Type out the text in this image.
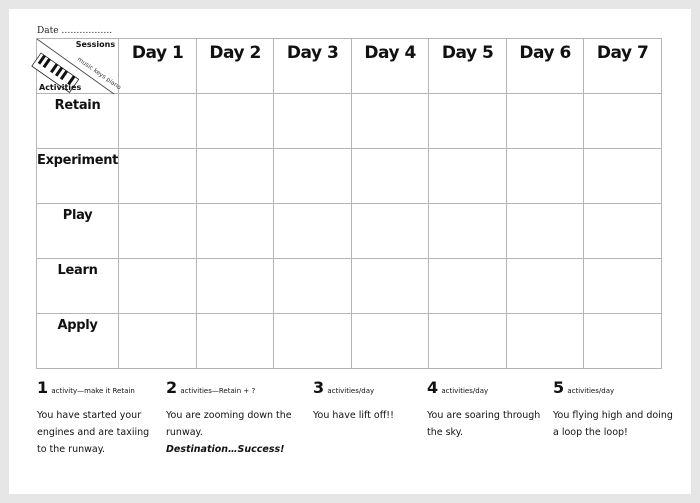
Date ……………..
music keys piano
Sessions
Activities	Day 1	Day 2	Day 3	Day 4	Day 5	Day 6	Day 7
Retain							
Experiment							
Play							
Learn							
Apply							
1 activity—make it Retain
You have started your
engines and are taxiing
to the runway.
2 activities—Retain + ?
You are zooming down the
runway.
Destination…Success!
3 activities/day
You have lift off!!
4 activities/day
You are soaring through
the sky.
5 activities/day
You flying high and doing
a loop the loop!
